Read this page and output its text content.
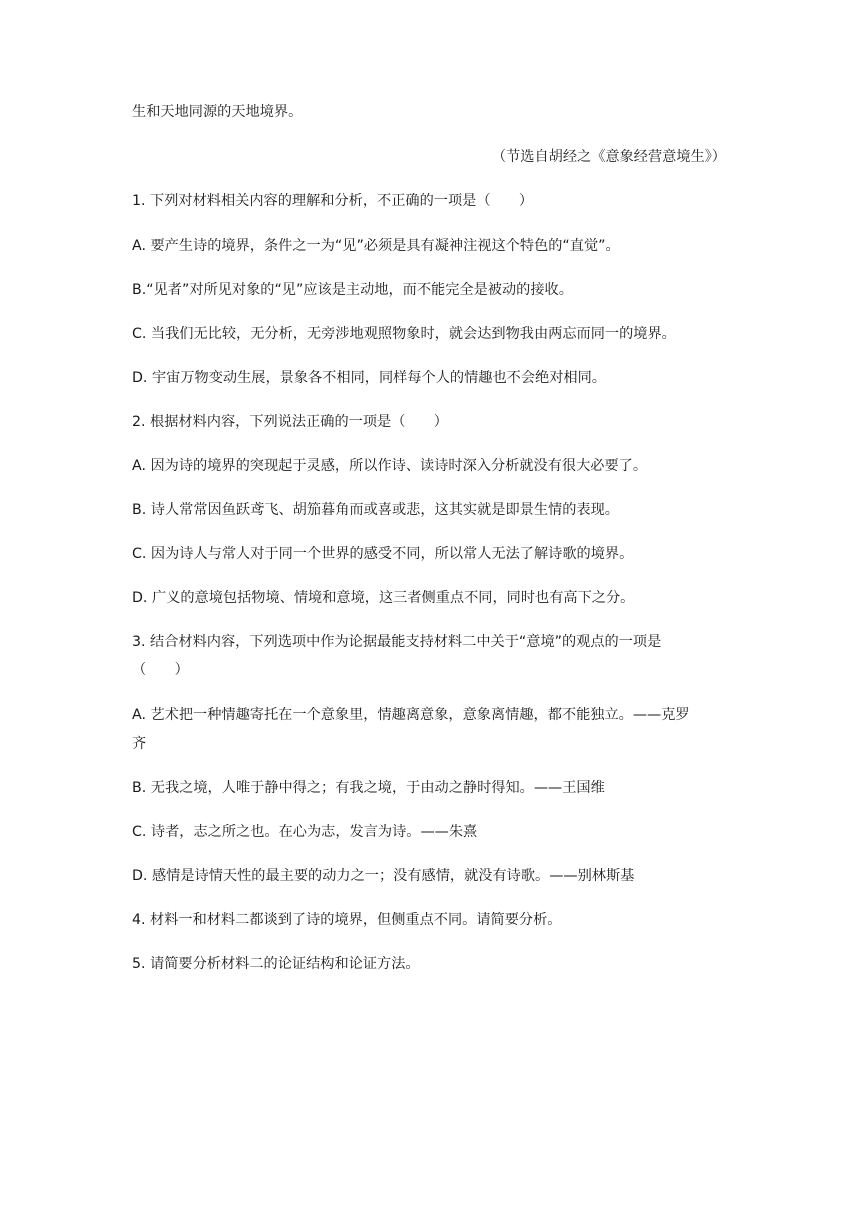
生和天地同源的天地境界。
（节选自胡经之《意象经营意境生》）
1. 下列对材料相关内容的理解和分析，不正确的一项是（　　）
A. 要产生诗的境界，条件之一为“见”必须是具有凝神注视这个特色的“直觉”。
B.“见者”对所见对象的“见”应该是主动地，而不能完全是被动的接收。
C. 当我们无比较，无分析，无旁涉地观照物象时，就会达到物我由两忘而同一的境界。
D. 宇宙万物变动生展，景象各不相同，同样每个人的情趣也不会绝对相同。
2. 根据材料内容，下列说法正确的一项是（　　）
A. 因为诗的境界的突现起于灵感，所以作诗、读诗时深入分析就没有很大必要了。
B. 诗人常常因鱼跃鸢飞、胡笳暮角而或喜或悲，这其实就是即景生情的表现。
C. 因为诗人与常人对于同一个世界的感受不同，所以常人无法了解诗歌的境界。
D. 广义的意境包括物境、情境和意境，这三者侧重点不同，同时也有高下之分。
3. 结合材料内容，下列选项中作为论据最能支持材料二中关于“意境”的观点的一项是
（　　）
A. 艺术把一种情趣寄托在一个意象里，情趣离意象，意象离情趣，都不能独立。——克罗
齐
B. 无我之境，人唯于静中得之；有我之境，于由动之静时得知。——王国维
C. 诗者，志之所之也。在心为志，发言为诗。——朱熹
D. 感情是诗情天性的最主要的动力之一；没有感情，就没有诗歌。——别林斯基
4. 材料一和材料二都谈到了诗的境界，但侧重点不同。请简要分析。
5. 请简要分析材料二的论证结构和论证方法。
